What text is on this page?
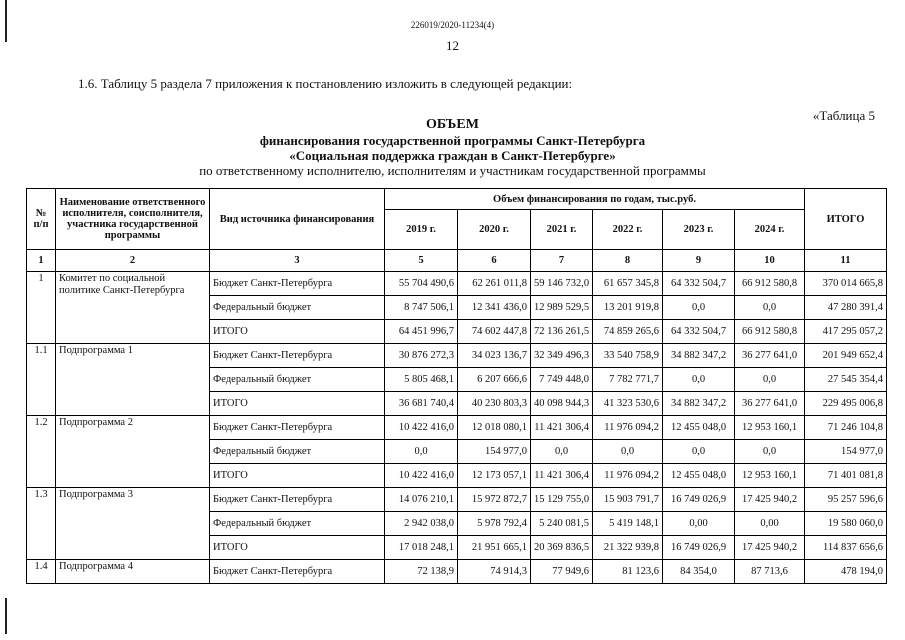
226019/2020-11234(4)
12
1.6. Таблицу 5 раздела 7 приложения к постановлению изложить в следующей редакции:
«Таблица 5
ОБЪЕМ
финансирования государственной программы Санкт-Петербурга
«Социальная поддержка граждан в Санкт-Петербурге»
по ответственному исполнителю, исполнителям и участникам государственной программы
№ п/п	Наименование ответственного исполнителя, соисполнителя, участника государственной программы	Вид источника финансирования	Объем финансирования по годам, тыс.руб.						ИТОГО
			2019 г.	2020 г.	2021 г.	2022 г.	2023 г.	2024 г.	
1	2	3	5	6	7	8	9	10	11
1	Комитет по социальной политике Санкт-Петербурга	Бюджет Санкт-Петербурга	55 704 490,6	62 261 011,8	59 146 732,0	61 657 345,8	64 332 504,7	66 912 580,8	370 014 665,8
		Федеральный бюджет	8 747 506,1	12 341 436,0	12 989 529,5	13 201 919,8	0,0	0,0	47 280 391,4
		ИТОГО	64 451 996,7	74 602 447,8	72 136 261,5	74 859 265,6	64 332 504,7	66 912 580,8	417 295 057,2
1.1	Подпрограмма 1	Бюджет Санкт-Петербурга	30 876 272,3	34 023 136,7	32 349 496,3	33 540 758,9	34 882 347,2	36 277 641,0	201 949 652,4
		Федеральный бюджет	5 805 468,1	6 207 666,6	7 749 448,0	7 782 771,7	0,0	0,0	27 545 354,4
		ИТОГО	36 681 740,4	40 230 803,3	40 098 944,3	41 323 530,6	34 882 347,2	36 277 641,0	229 495 006,8
1.2	Подпрограмма 2	Бюджет Санкт-Петербурга	10 422 416,0	12 018 080,1	11 421 306,4	11 976 094,2	12 455 048,0	12 953 160,1	71 246 104,8
		Федеральный бюджет	0,0	154 977,0	0,0	0,0	0,0	0,0	154 977,0
		ИТОГО	10 422 416,0	12 173 057,1	11 421 306,4	11 976 094,2	12 455 048,0	12 953 160,1	71 401 081,8
1.3	Подпрограмма 3	Бюджет Санкт-Петербурга	14 076 210,1	15 972 872,7	15 129 755,0	15 903 791,7	16 749 026,9	17 425 940,2	95 257 596,6
		Федеральный бюджет	2 942 038,0	5 978 792,4	5 240 081,5	5 419 148,1	0,00	0,00	19 580 060,0
		ИТОГО	17 018 248,1	21 951 665,1	20 369 836,5	21 322 939,8	16 749 026,9	17 425 940,2	114 837 656,6
1.4	Подпрограмма 4	Бюджет Санкт-Петербурга	72 138,9	74 914,3	77 949,6	81 123,6	84 354,0	87 713,6	478 194,0
